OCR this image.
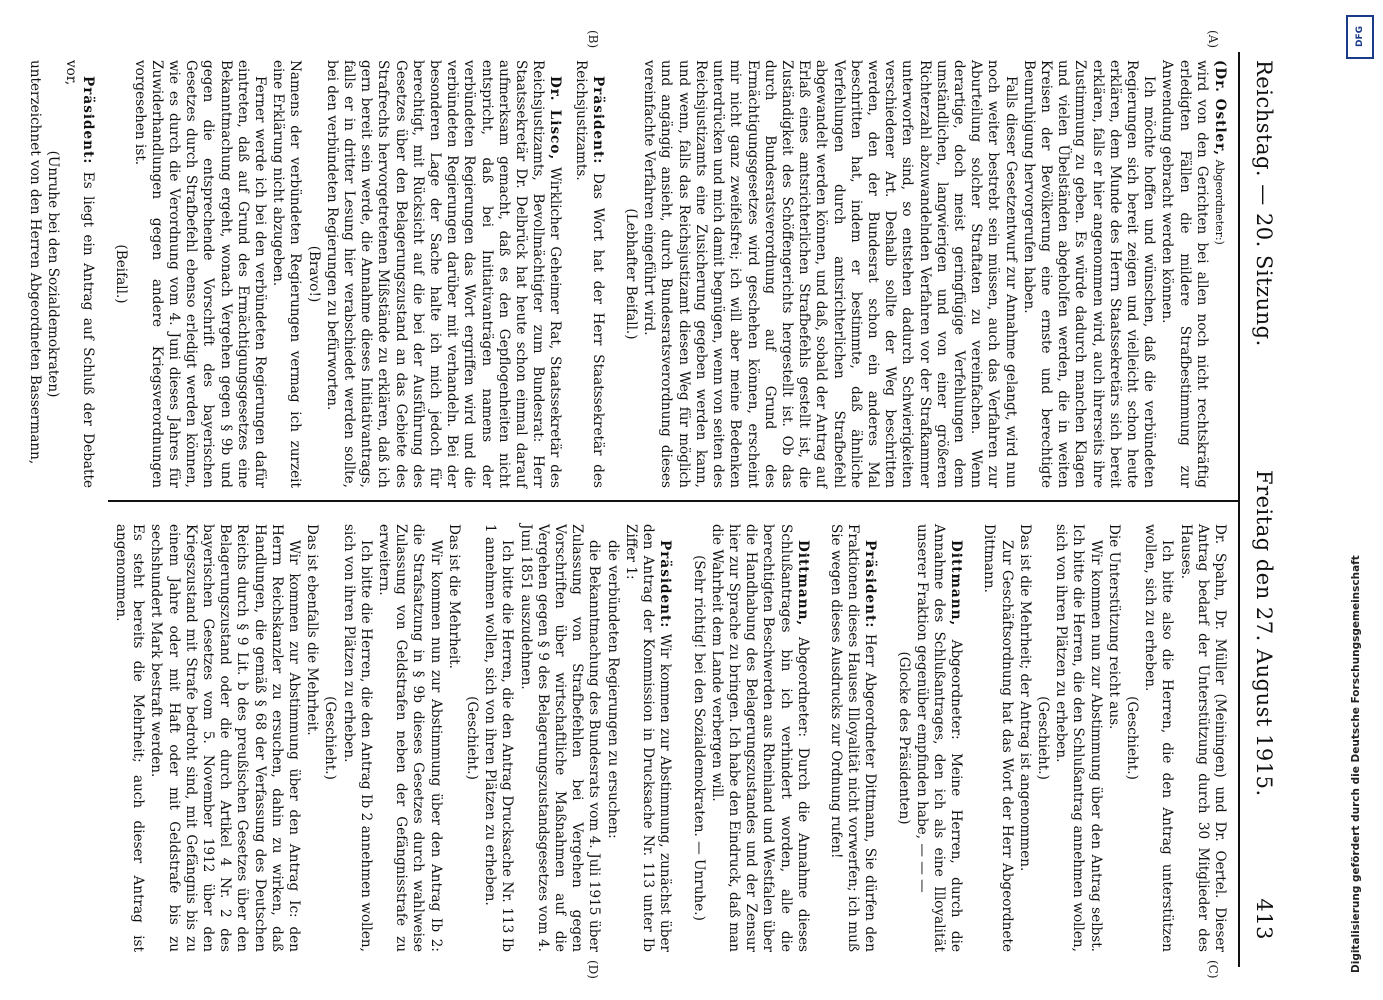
Reichstag. — 20. Sitzung.
Freitag den 27. August 1915.
413
(A)
(B)
(C)
(D)

(Dr. Ostler, Abgeordneter:)

wird von den Gerichten bei allen noch nicht rechtskräftig erledigten Fällen die mildere Strafbestimmung zur Anwendung gebracht werden können.

Ich möchte hoffen und wünschen, daß die verbündeten Regierungen sich bereit zeigen und vielleicht schon heute erklären, dem Munde des Herrn Staatssekretärs sich bereit erklären, falls er hier angenommen wird, auch ihrerseits ihre Zustimmung zu geben. Es würde dadurch manchen Klagen und vielen Übelständen abgeholfen werden, die in weiten Kreisen der Bevölkerung eine ernste und berechtigte Beunruhigung hervorgerufen haben.

Falls dieser Gesetzentwurf zur Annahme gelangt, wird nun noch weiter bestrebt sein müssen, auch das Verfahren zur Aburteilung solcher Straftaten zu vereinfachen. Wenn derartige, doch meist geringfügige Verfehlungen dem umständlichen, langwierigen und von einer größeren Richterzahl abzuwandelnden Verfahren vor der Strafkammer unterworfen sind, so entstehen dadurch Schwierigkeiten verschiedener Art. Deshalb sollte der Weg beschritten werden, den der Bundesrat schon ein anderes Mal beschritten hat, indem er bestimmte, daß ähnliche Verfehlungen durch amtsrichterlichen Strafbefehl abgewandelt werden können, und daß, sobald der Antrag auf Erlaß eines amtsrichterlichen Strafbefehls gestellt ist, die Zuständigkeit des Schöffengerichts hergestellt ist. Ob das durch Bundesratsverordnung auf Grund des Ermächtigungsgesetzes wird geschehen können, erscheint mir nicht ganz zweifelsfrei; ich will aber meine Bedenken unterdrücken und mich damit begnügen, wenn von seiten des Reichsjustizamts eine Zusicherung gegeben werden kann, und wenn, falls das Reichsjustizamt diesen Weg für möglich und angängig ansieht, durch Bundesratsverordnung dieses vereinfachte Verfahren eingeführt wird.

(Lebhafter Beifall.)

Präsident: Das Wort hat der Herr Staatssekretär des Reichsjustizamts.

Dr. Lisco, Wirklicher Geheimer Rat, Staatssekretär des Reichsjustizamts, Bevollmächtigter zum Bundesrat: Herr Staatssekretär Dr. Delbrück hat heute schon einmal darauf aufmerksam gemacht, daß es den Gepflogenheiten nicht entspricht, daß bei Initiativanträgen namens der verbündeten Regierungen das Wort ergriffen wird und die verbündeten Regierungen darüber mit verhandeln. Bei der besonderen Lage der Sache halte ich mich jedoch für berechtigt, mit Rücksicht auf die bei der Ausführung des Gesetzes über den Belagerungszustand an das Gebiete des Strafrechts hervorgetretenen Mißstände zu erklären, daß ich gern bereit sein werde, die Annahme dieses Initiativantrags, falls er in dritter Lesung hier verabschiedet werden sollte, bei den verbündeten Regierungen zu befürworten.

(Bravo!)

Namens der verbündeten Regierungen vermag ich zurzeit eine Erklärung nicht abzugeben.

Ferner werde ich bei den verbündeten Regierungen dafür eintreten, daß auf Grund des Ermächtigungsgesetzes eine Bekanntmachung ergeht, wonach Vergehen gegen § 9b und gegen die entsprechende Vorschrift des bayerischen Gesetzes durch Strafbefehl ebenso erledigt werden können, wie es durch die Verordnung vom 4. Juni dieses Jahres für Zuwiderhandlungen gegen andere Kriegsverordnungen vorgesehen ist.

(Beifall.)

Präsident: Es liegt ein Antrag auf Schluß der Debatte vor,

(Unruhe bei den Sozialdemokraten)

unterzeichnet von den Herren Abgeordneten Bassermann,

Dr. Spahn, Dr. Müller (Meiningen) und Dr. Oertel. Dieser Antrag bedarf der Unterstützung durch 30 Mitglieder des Hauses.

Ich bitte also die Herren, die den Antrag unterstützen wollen, sich zu erheben.

(Geschieht.)

Die Unterstützung reicht aus.

Wir kommen nun zur Abstimmung über den Antrag selbst. Ich bitte die Herren, die den Schlußantrag annehmen wollen, sich von ihren Plätzen zu erheben.

(Geschieht.)

Das ist die Mehrheit; der Antrag ist angenommen.

Zur Geschäftsordnung hat das Wort der Herr Abgeordnete Dittmann.

Dittmann, Abgeordneter: Meine Herren, durch die Annahme des Schlußantrages, den ich als eine Illoyalität unserer Fraktion gegenüber empfinden habe, — — —

(Glocke des Präsidenten)

Präsident: Herr Abgeordneter Dittmann, Sie dürfen den Fraktionen dieses Hauses Illoyalität nicht vorwerfen; ich muß Sie wegen dieses Ausdrucks zur Ordnung rufen!

Dittmann, Abgeordneter: Durch die Annahme dieses Schlußantrages bin ich verhindert worden, alle die berechtigten Beschwerden aus Rheinland und Westfalen über die Handhabung des Belagerungszustandes und der Zensur hier zur Sprache zu bringen. Ich habe den Eindruck, daß man die Wahrheit dem Lande verbergen will.

(Sehr richtig! bei den Sozialdemokraten. — Unruhe.)

Präsident: Wir kommen zur Abstimmung, zunächst über den Antrag der Kommission in Drucksache Nr. 113 unter Ib Ziffer 1:

die verbündeten Regierungen zu ersuchen:

die Bekanntmachung des Bundesrats vom 4. Juli 1915 über Zulassung von Strafbefehlen bei Vergehen gegen Vorschriften über wirtschaftliche Maßnahmen auf die Vergehen gegen § 9 des Belagerungszustandsgesetzes vom 4. Juni 1851 auszudehnen.

Ich bitte die Herren, die den Antrag Drucksache Nr. 113 Ib 1 annehmen wollen, sich von ihren Plätzen zu erheben.

(Geschieht.)

Das ist die Mehrheit.

Wir kommen nun zur Abstimmung über den Antrag Ib 2: die Strafsatzung in § 9b dieses Gesetzes durch wahlweise Zulassung von Geldstrafen neben der Gefängnisstrafe zu erweitern.

Ich bitte die Herren, die den Antrag Ib 2 annehmen wollen, sich von ihren Plätzen zu erheben.

(Geschieht.)

Das ist ebenfalls die Mehrheit.

Wir kommen zur Abstimmung über den Antrag Ic: den Herrn Reichskanzler zu ersuchen, dahin zu wirken, daß Handlungen, die gemäß § 68 der Verfassung des Deutschen Reichs durch § 9 Lit. b des preußischen Gesetzes über den Belagerungszustand oder die durch Artikel 4 Nr. 2 des bayerischen Gesetzes vom 5. November 1912 über den Kriegszustand mit Strafe bedroht sind, mit Gefängnis bis zu einem Jahre oder mit Haft oder mit Geldstrafe bis zu sechshundert Mark bestraft werden.

Es steht bereits die Mehrheit; auch dieser Antrag ist angenommen.

DFG
Digitalisierung gefördert durch die Deutsche Forschungsgemeinschaft
